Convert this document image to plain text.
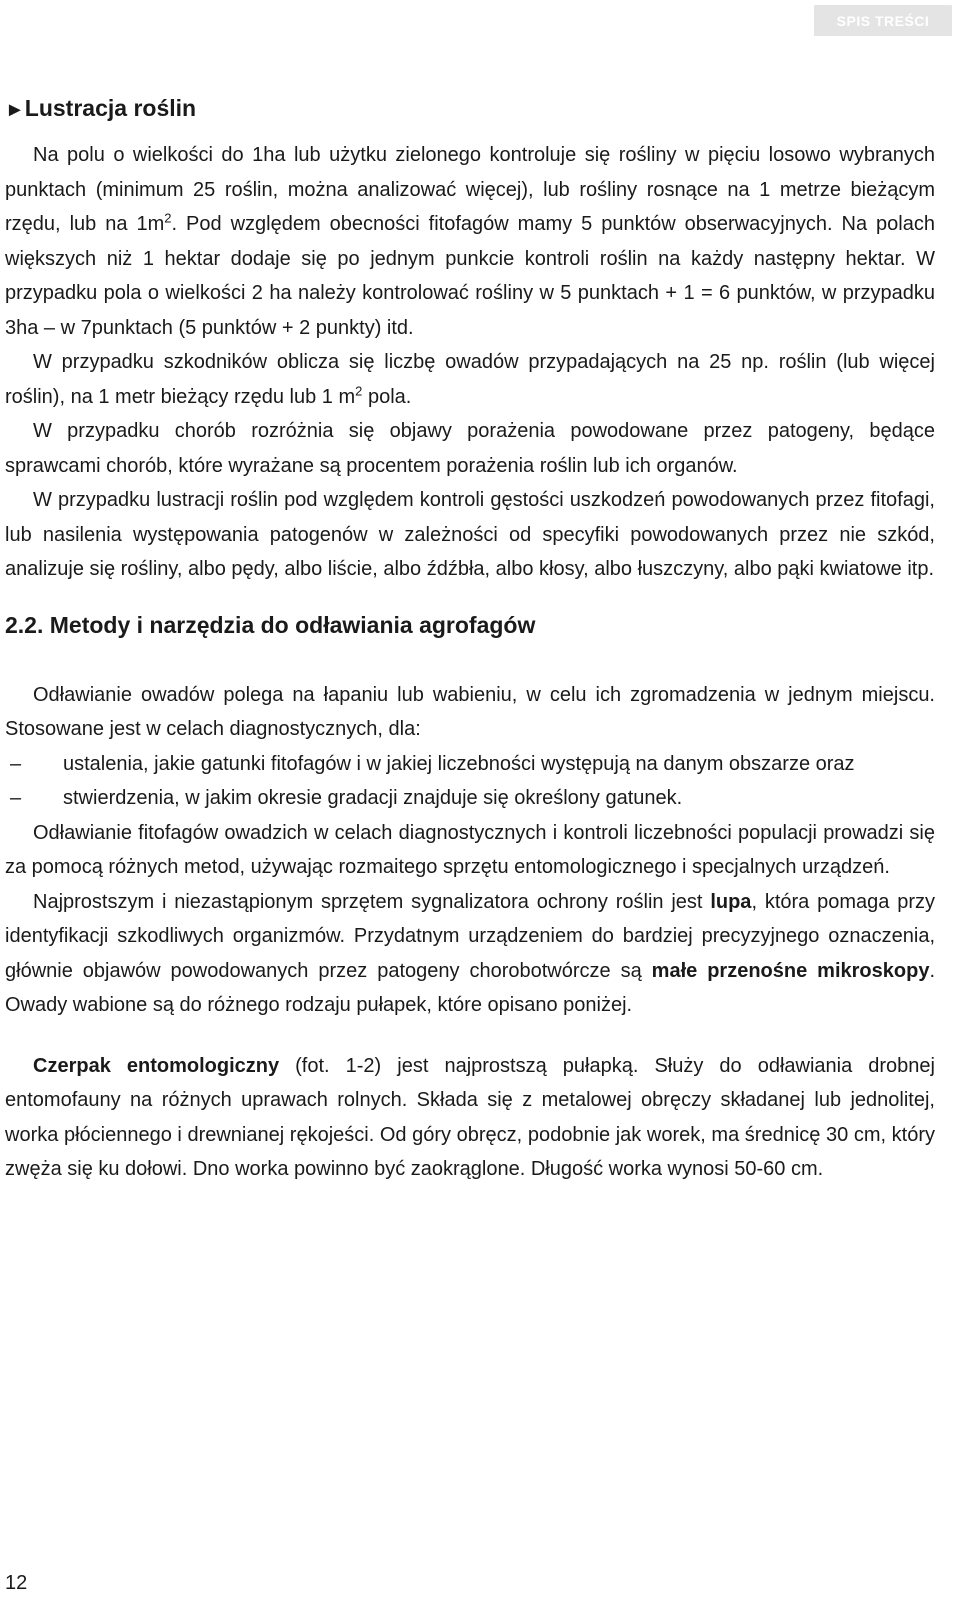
SPIS TREŚCI
►Lustracja roślin

Na polu o wielkości do 1ha lub użytku zielonego kontroluje się rośliny w pięciu losowo wybranych punktach (minimum 25 roślin, można analizować więcej), lub rośliny rosnące na 1 metrze bieżącym rzędu, lub na $1m^2$. Pod względem obecności fitofagów mamy 5 punktów obserwacyjnych. Na polach większych niż 1 hektar dodaje się po jednym punkcie kontroli roślin na każdy następny hektar. W przypadku pola o wielkości 2 ha należy kontrolować rośliny w 5 punktach + 1 = 6 punktów, w przypadku 3ha – w 7punktach (5 punktów + 2 punkty) itd.

W przypadku szkodników oblicza się liczbę owadów przypadających na 25 np. roślin (lub więcej roślin), na 1 metr bieżący rzędu lub 1 $m^2$ pola.

W przypadku chorób rozróżnia się objawy porażenia powodowane przez patogeny, będące sprawcami chorób, które wyrażane są procentem porażenia roślin lub ich organów.

W przypadku lustracji roślin pod względem kontroli gęstości uszkodzeń powodowanych przez fitofagi, lub nasilenia występowania patogenów w zależności od specyfiki powodowanych przez nie szkód, analizuje się rośliny, albo pędy, albo liście, albo źdźbła, albo kłosy, albo łuszczyny, albo pąki kwiatowe itp.

2.2. Metody i narzędzia do odławiania agrofagów

Odławianie owadów polega na łapaniu lub wabieniu, w celu ich zgromadzenia w jednym miejscu. Stosowane jest w celach diagnostycznych, dla:

– ustalenia, jakie gatunki fitofagów i w jakiej liczebności występują na danym obszarze oraz
– stwierdzenia, w jakim okresie gradacji znajduje się określony gatunek.

Odławianie fitofagów owadzich w celach diagnostycznych i kontroli liczebności populacji prowadzi się za pomocą różnych metod, używając rozmaitego sprzętu entomologicznego i specjalnych urządzeń.

Najprostszym i niezastąpionym sprzętem sygnalizatora ochrony roślin jest lupa, która pomaga przy identyfikacji szkodliwych organizmów. Przydatnym urządzeniem do bardziej precyzyjnego oznaczenia, głównie objawów powodowanych przez patogeny chorobotwórcze są małe przenośne mikroskopy. Owady wabione są do różnego rodzaju pułapek, które opisano poniżej.

Czerpak entomologiczny (fot. 1-2) jest najprostszą pułapką. Służy do odławiania drobnej entomofauny na różnych uprawach rolnych. Składa się z metalowej obręczy składanej lub jednolitej, worka płóciennego i drewnianej rękojeści. Od góry obręcz, podobnie jak worek, ma średnicę 30 cm, który zwęża się ku dołowi. Dno worka powinno być zaokrąglone. Długość worka wynosi 50-60 cm.

12
